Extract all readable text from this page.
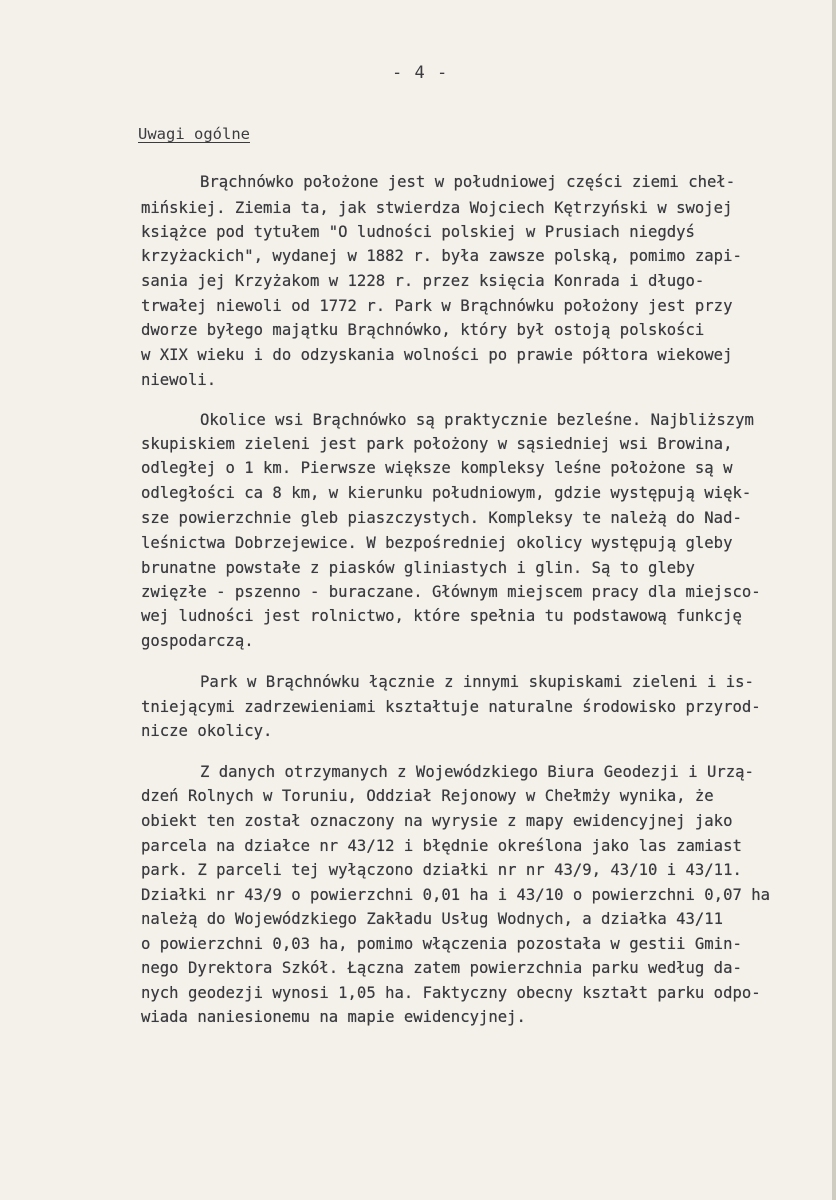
- 4 -
Uwagi ogólne
Brąchnówko położone jest w południowej części ziemi cheł-
mińskiej. Ziemia ta, jak stwierdza Wojciech Kętrzyński w swojej
książce pod tytułem "O ludności polskiej w Prusiach niegdyś
krzyżackich", wydanej w 1882 r. była zawsze polską, pomimo zapi-
sania jej Krzyżakom w 1228 r. przez księcia Konrada i długo-
trwałej niewoli od 1772 r. Park w Brąchnówku położony jest przy
dworze byłego majątku Brąchnówko, który był ostoją polskości
w XIX wieku i do odzyskania wolności po prawie półtora wiekowej
niewoli.
Okolice wsi Brąchnówko są praktycznie bezleśne. Najbliższym
skupiskiem zieleni jest park położony w sąsiedniej wsi Browina,
odległej o 1 km. Pierwsze większe kompleksy leśne położone są w
odległości ca 8 km, w kierunku południowym, gdzie występują więk-
sze powierzchnie gleb piaszczystych. Kompleksy te należą do Nad-
leśnictwa Dobrzejewice. W bezpośredniej okolicy występują gleby
brunatne powstałe z piasków gliniastych i glin. Są to gleby
zwięzłe - pszenno - buraczane. Głównym miejscem pracy dla miejsco-
wej ludności jest rolnictwo, które spełnia tu podstawową funkcję
gospodarczą.
Park w Brąchnówku łącznie z innymi skupiskami zieleni i is-
tniejącymi zadrzewieniami kształtuje naturalne środowisko przyrod-
nicze okolicy.
Z danych otrzymanych z Wojewódzkiego Biura Geodezji i Urzą-
dzeń Rolnych w Toruniu, Oddział Rejonowy w Chełmży wynika, że
obiekt ten został oznaczony na wyrysie z mapy ewidencyjnej jako
parcela na działce nr 43/12 i błędnie określona jako las zamiast
park. Z parceli tej wyłączono działki nr nr 43/9, 43/10 i 43/11.
Działki nr 43/9 o powierzchni 0,01 ha i 43/10 o powierzchni 0,07 ha
należą do Wojewódzkiego Zakładu Usług Wodnych, a działka 43/11
o powierzchni 0,03 ha, pomimo włączenia pozostała w gestii Gmin-
nego Dyrektora Szkół. Łączna zatem powierzchnia parku według da-
nych geodezji wynosi 1,05 ha. Faktyczny obecny kształt parku odpo-
wiada naniesionemu na mapie ewidencyjnej.
